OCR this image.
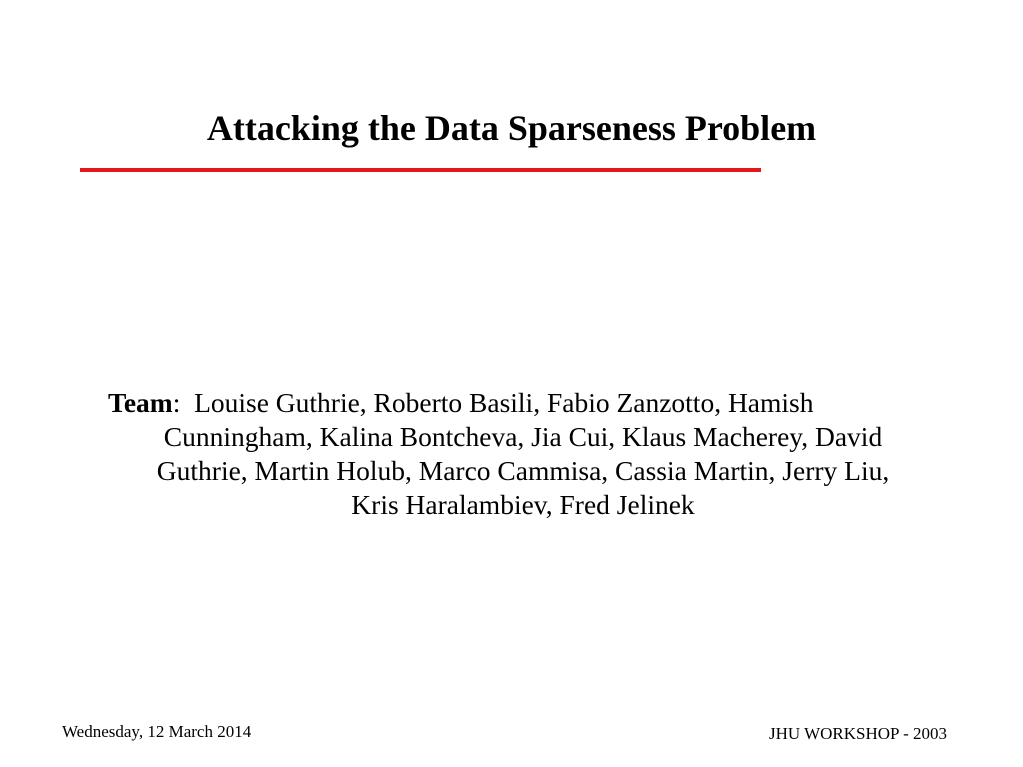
Attacking the Data Sparseness Problem
Team: Louise Guthrie, Roberto Basili, Fabio Zanzotto, Hamish
Cunningham, Kalina Bontcheva, Jia Cui, Klaus Macherey, David
Guthrie, Martin Holub, Marco Cammisa, Cassia Martin, Jerry Liu,
Kris Haralambiev, Fred Jelinek
Wednesday, 12 March 2014	JHU WORKSHOP - 2003
